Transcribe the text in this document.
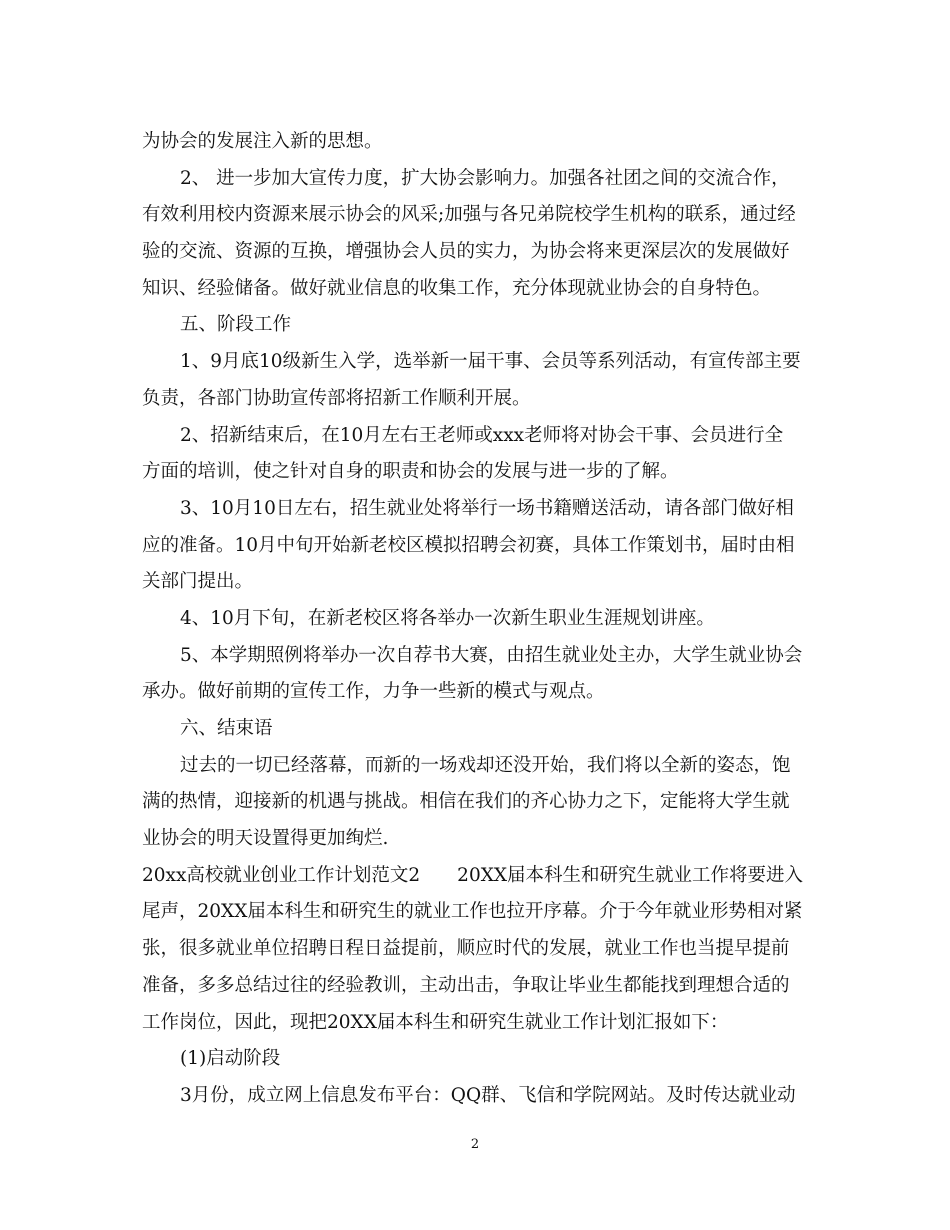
为协会的发展注入新的思想。
2、 进一步加大宣传力度，扩大协会影响力。加强各社团之间的交流合作，
有效利用校内资源来展示协会的风采;加强与各兄弟院校学生机构的联系，通过经
验的交流、资源的互换，增强协会人员的实力，为协会将来更深层次的发展做好
知识、经验储备。做好就业信息的收集工作，充分体现就业协会的自身特色。
五、阶段工作
1、9月底10级新生入学，选举新一届干事、会员等系列活动，有宣传部主要
负责，各部门协助宣传部将招新工作顺利开展。
2、招新结束后，在10月左右王老师或xxx老师将对协会干事、会员进行全
方面的培训，使之针对自身的职责和协会的发展与进一步的了解。
3、10月10日左右，招生就业处将举行一场书籍赠送活动，请各部门做好相
应的准备。10月中旬开始新老校区模拟招聘会初赛，具体工作策划书，届时由相
关部门提出。
4、10月下旬，在新老校区将各举办一次新生职业生涯规划讲座。
5、本学期照例将举办一次自荐书大赛，由招生就业处主办，大学生就业协会
承办。做好前期的宣传工作，力争一些新的模式与观点。
六、结束语
过去的一切已经落幕，而新的一场戏却还没开始，我们将以全新的姿态，饱
满的热情，迎接新的机遇与挑战。相信在我们的齐心协力之下，定能将大学生就
业协会的明天设置得更加绚烂.
20xx高校就业创业工作计划范文2　　20XX届本科生和研究生就业工作将要进入
尾声，20XX届本科生和研究生的就业工作也拉开序幕。介于今年就业形势相对紧
张，很多就业单位招聘日程日益提前，顺应时代的发展，就业工作也当提早提前
准备，多多总结过往的经验教训，主动出击，争取让毕业生都能找到理想合适的
工作岗位，因此，现把20XX届本科生和研究生就业工作计划汇报如下：
(1)启动阶段
3月份，成立网上信息发布平台：QQ群、飞信和学院网站。及时传达就业动
2
